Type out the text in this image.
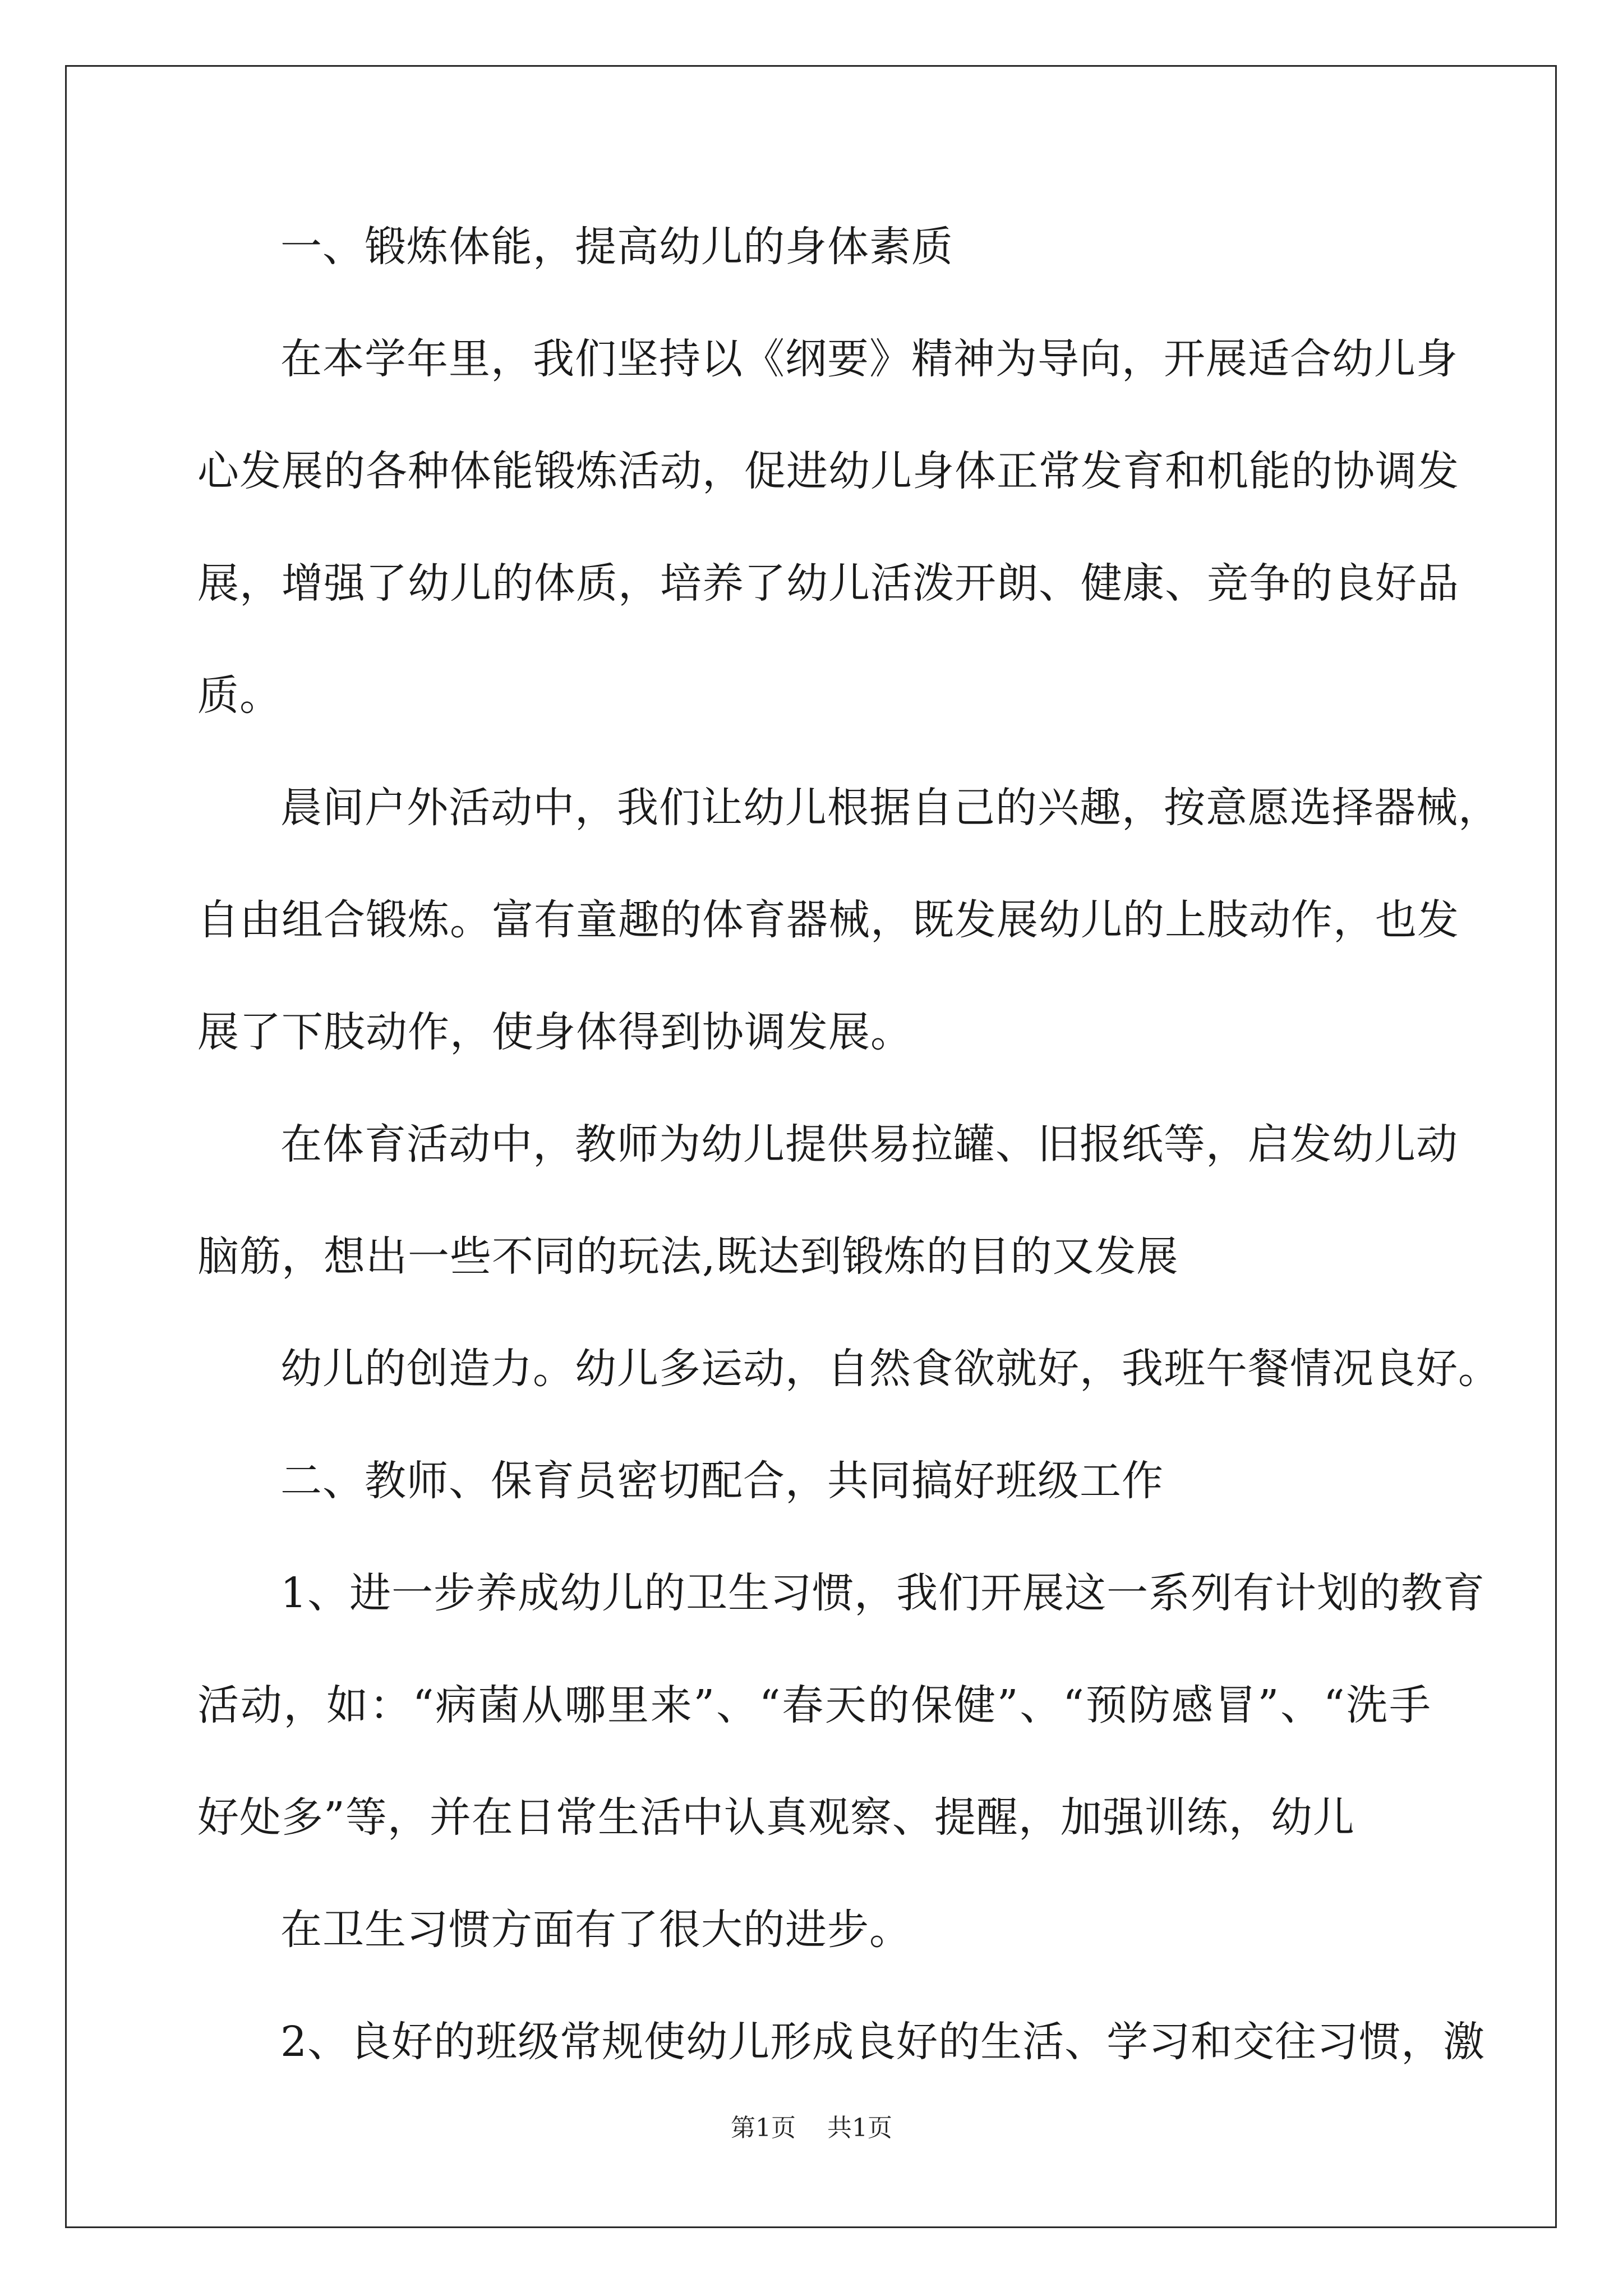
一、锻炼体能，提高幼儿的身体素质
在本学年里，我们坚持以《纲要》精神为导向，开展适合幼儿身
心发展的各种体能锻炼活动，促进幼儿身体正常发育和机能的协调发
展，增强了幼儿的体质，培养了幼儿活泼开朗、健康、竞争的良好品
质。
晨间户外活动中，我们让幼儿根据自己的兴趣，按意愿选择器械，
自由组合锻炼。富有童趣的体育器械，既发展幼儿的上肢动作，也发
展了下肢动作，使身体得到协调发展。
在体育活动中，教师为幼儿提供易拉罐、旧报纸等，启发幼儿动
脑筋，想出一些不同的玩法,既达到锻炼的目的又发展
幼儿的创造力。幼儿多运动，自然食欲就好，我班午餐情况良好。
二、教师、保育员密切配合，共同搞好班级工作
1、进一步养成幼儿的卫生习惯，我们开展这一系列有计划的教育
活动，如：“病菌从哪里来”、“春天的保健”、“预防感冒”、“洗手
好处多”等，并在日常生活中认真观察、提醒，加强训练，幼儿
在卫生习惯方面有了很大的进步。
2、良好的班级常规使幼儿形成良好的生活、学习和交往习惯，激
第1页    共1页
